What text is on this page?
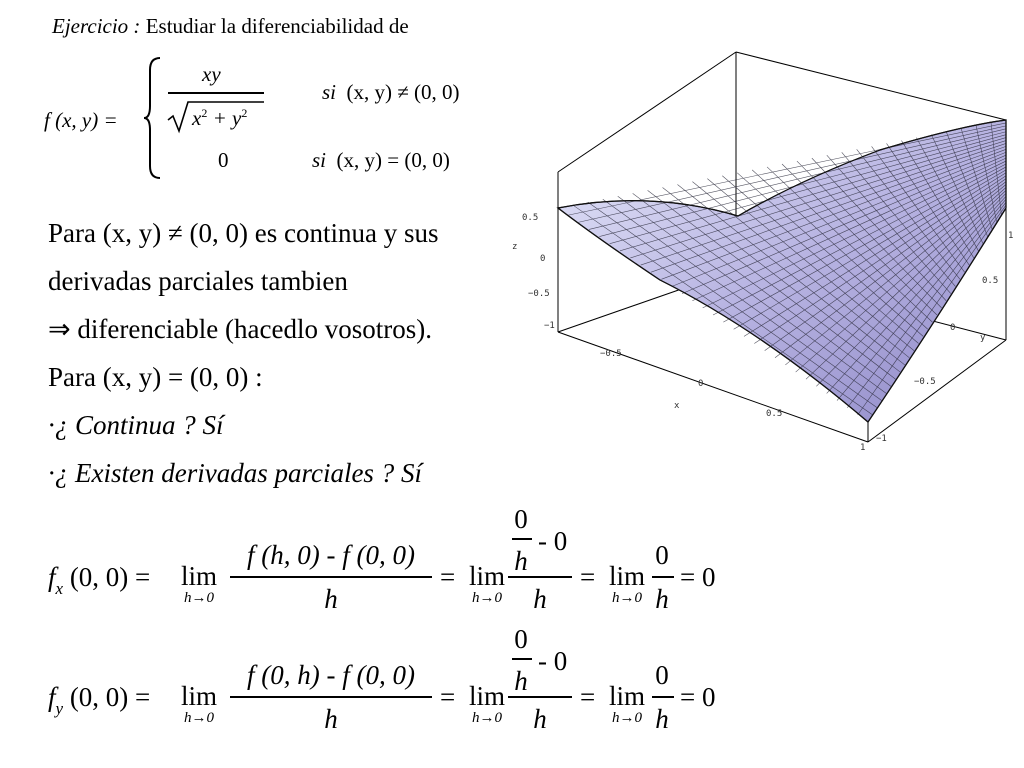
Ejercicio : Estudiar la diferenciabilidad de
f (x, y) =
xy
$x^2 + y^2$
si (x, y) ≠ (0, 0)
0	si (x, y) = (0, 0)
Para (x, y) ≠ (0, 0) es continua y sus
derivadas parciales tambien
⇒ diferenciable (hacedlo vosotros).
Para (x, y) = (0, 0) :
·¿ Continua ? Sí
·¿ Existen derivadas parciales ? Sí
$f_x$ (0, 0) =	lim
h→0
f (h, 0) - f (0, 0)
h
= lim
h→0
0
h
- 0
h
= lim
h→0
0
h
= 0
$f_y$ (0, 0) =	lim
h→0
f (0, h) - f (0, 0)
h
= lim
h→0
0
h
- 0
h
= lim
h→0
0
h
= 0
0.5
0
−0.5
−1
z
−0.5
0
0.5
1
x
1
0.5
0
−0.5
−1
y
